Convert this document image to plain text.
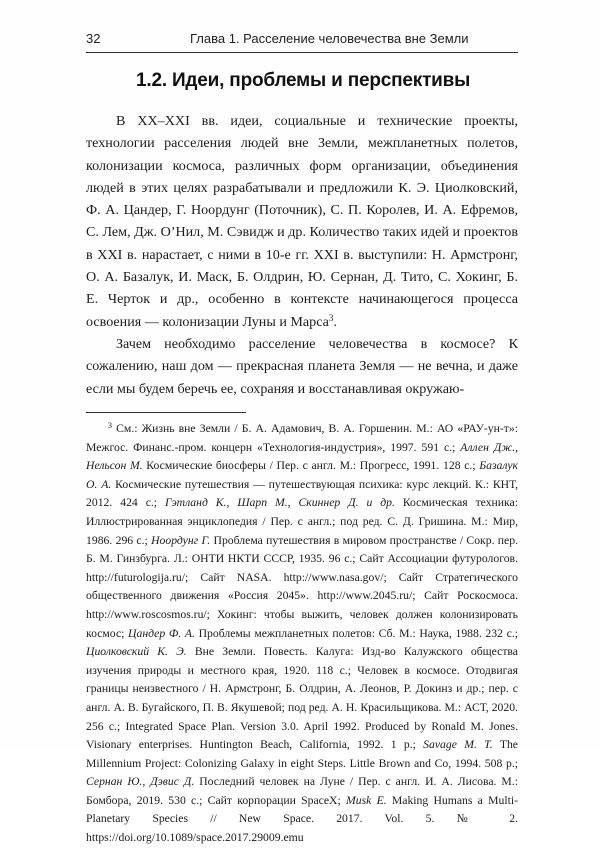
32	Глава 1. Расселение человечества вне Земли
1.2. Идеи, проблемы и перспективы

В XX–XXI вв. идеи, социальные и технические проекты, технологии расселения людей вне Земли, межпланетных полетов, колонизации космоса, различных форм организации, объединения людей в этих целях разрабатывали и предложили К. Э. Циолковский, Ф. А. Цандер, Г. Ноордунг (Поточник), С. П. Королев, И. А. Ефремов, С. Лем, Дж. О’Нил, М. Сэвидж и др. Количество таких идей и проектов в XXI в. нарастает, с ними в 10-е гг. XXI в. выступили: Н. Армстронг, О. А. Базалук, И. Маск, Б. Олдрин, Ю. Сернан, Д. Тито, С. Хокинг, Б. Е. Черток и др., особенно в контексте начинающегося процесса освоения — колонизации Луны и Марса$^3$.

Зачем необходимо расселение человечества в космосе? К сожалению, наш дом — прекрасная планета Земля — не вечна, и даже если мы будем беречь ее, сохраняя и восстанавливая окружаю-

$^3$ См.: Жизнь вне Земли / Б. А. Адамович, В. А. Горшенин. М.: АО «РАУ-ун-т»: Межгос. Финанс.-пром. концерн «Технология-индустрия», 1997. 591 с.; Аллен Дж., Нельсон М. Космические биосферы / Пер. с англ. М.: Прогресс, 1991. 128 с.; Базалук О. А. Космические путешествия — путешествующая психика: курс лекций. К.: КНТ, 2012. 424 с.; Гэтланд К., Шарп М., Скиннер Д. и др. Космическая техника: Иллюстрированная энциклопедия / Пер. с англ.; под ред. С. Д. Гришина. М.: Мир, 1986. 296 с.; Ноордунг Г. Проблема путешествия в мировом пространстве / Сокр. пер. Б. М. Гинзбурга. Л.: ОНТИ НКТИ СССР, 1935. 96 с.; Сайт Ассоциации футурологов. http://futurologija.ru/; Сайт NASA. http://www.nasa.gov/; Сайт Стратегического общественного движения «Россия 2045». http://www.2045.ru/; Сайт Роскосмоса. http://www.roscosmos.ru/; Хокинг: чтобы выжить, человек должен колонизировать космос; Цандер Ф. А. Проблемы межпланетных полетов: Сб. М.: Наука, 1988. 232 с.; Циолковский К. Э. Вне Земли. Повесть. Калуга: Изд-во Калужского общества изучения природы и местного края, 1920. 118 с.; Человек в космосе. Отодвигая границы неизвестного / Н. Армстронг, Б. Олдрин, А. Леонов, Р. Докинз и др.; пер. с англ. А. В. Бугайского, П. В. Якушевой; под ред. А. Н. Красильщикова. М.: АСТ, 2020. 256 с.; Integrated Space Plan. Version 3.0. April 1992. Produced by Ronald M. Jones. Visionary enterprises. Huntington Beach, California, 1992. 1 p.; Savage M. T. The Millennium Project: Colonizing Galaxy in eight Steps. Little Brown and Co, 1994. 508 p.; Сернан Ю., Дэвис Д. Последний человек на Луне / Пер. с англ. И. А. Лисова. М.: Бомбора, 2019. 530 с.; Сайт корпорации SpaceX; Musk E. Making Humans a Multi-Planetary Species // New Space. 2017. Vol. 5. № 2. https://doi.org/10.1089/space.2017.29009.emu
